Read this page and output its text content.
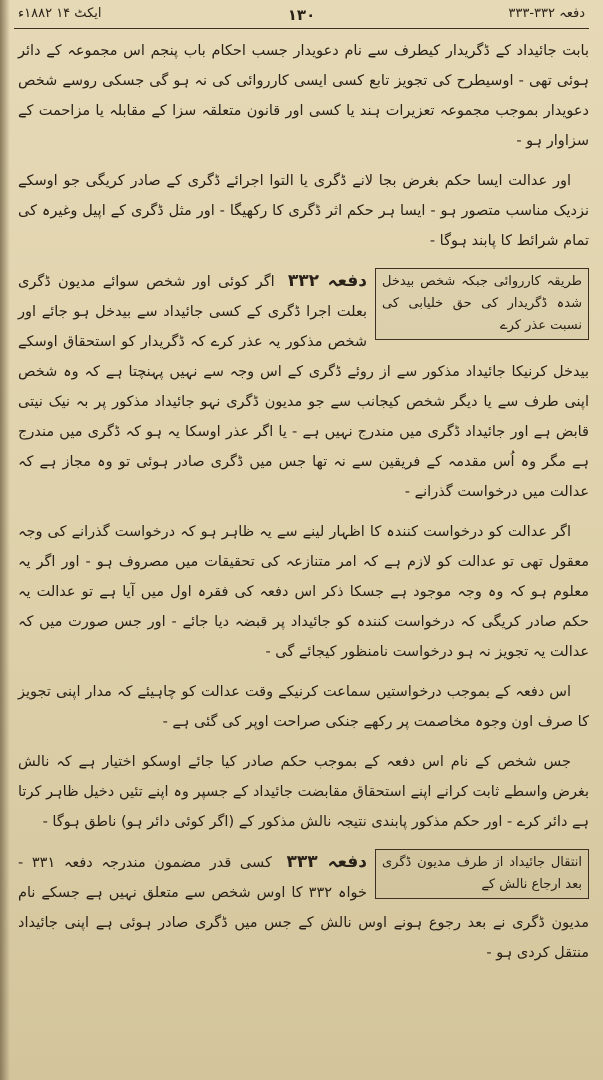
دفعہ ۳۳۲-۳۳۳
۱۳۰
ایکٹ ۱۴ ۱۸۸۲ء

بابت جائیداد کے ڈگریدار کیطرف سے نام دعویدار جسب احکام باب پنجم اس مجموعہ کے دائر ہوئی تھی - اوسیطرح کی تجویز تابع کسی ایسی کارروائی کی نہ ہو گی جسکی روسے شخص دعویدار بموجب مجموعہ تعزیرات ہند یا کسی اور قانون متعلقہ سزا کے مقابلہ یا مزاحمت کے سزاوار ہو -

اور عدالت ایسا حکم بغرض بجا لانے ڈگری یا التوا اجرائے ڈگری کے صادر کریگی جو اوسکے نزدیک مناسب متصور ہو - ایسا ہر حکم اثر ڈگری کا رکھیگا - اور مثل ڈگری کے اپیل وغیرہ کی تمام شرائط کا پابند ہوگا -

طریقہ کارروائی جبکہ شخص بیدخل شدہ ڈگریدار کی حق خلیابی کی نسبت عذر کرے

دفعہ ۳۳۲ اگر کوئی اور شخص سوائے مدیون ڈگری بعلت اجرا ڈگری کے کسی جائیداد سے بیدخل ہو جائے اور شخص مذکور یہ عذر کرے کہ ڈگریدار کو استحقاق اوسکے بیدخل کرنیکا جائیداد مذکور سے از روئے ڈگری کے اس وجہ سے نہیں پہنچتا ہے کہ وہ شخص اپنی طرف سے یا دیگر شخص کیجانب سے جو مدیون ڈگری نہو جائیداد مذکور پر بہ نیک نیتی قابض ہے اور جائیداد ڈگری میں مندرج نہیں ہے - یا اگر عذر اوسکا یہ ہو کہ ڈگری میں مندرج ہے مگر وہ اُس مقدمہ کے فریقین سے نہ تھا جس میں ڈگری صادر ہوئی تو وہ مجاز ہے کہ عدالت میں درخواست گذرانے -

اگر عدالت کو درخواست کنندہ کا اظہار لینے سے یہ ظاہر ہو کہ درخواست گذرانے کی وجہ معقول تھی تو عدالت کو لازم ہے کہ امر متنازعہ کی تحقیقات میں مصروف ہو - اور اگر یہ معلوم ہو کہ وہ وجہ موجود ہے جسکا ذکر اس دفعہ کی فقرہ اول میں آیا ہے تو عدالت یہ حکم صادر کریگی کہ درخواست کنندہ کو جائیداد پر قبضہ دیا جائے - اور جس صورت میں کہ عدالت یہ تجویز نہ ہو درخواست نامنظور کیجائے گی -

اس دفعہ کے بموجب درخواستیں سماعت کرنیکے وقت عدالت کو چاہیئے کہ مدار اپنی تجویز کا صرف اون وجوہ مخاصمت پر رکھے جنکی صراحت اوپر کی گئی ہے -

جس شخص کے نام اس دفعہ کے بموجب حکم صادر کیا جائے اوسکو اختیار ہے کہ نالش بغرض واسطے ثابت کرانے اپنے استحقاق مقابضت جائیداد کے جسپر وہ اپنے تئیں دخیل ظاہر کرتا ہے دائر کرے - اور حکم مذکور پابندی نتیجہ نالش مذکور کے (اگر کوئی دائر ہو) ناطق ہوگا -

انتقال جائیداد از طرف مدیون ڈگری بعد ارجاع نالش کے

دفعہ ۳۳۳ کسی قدر مضمون مندرجہ دفعہ ۳۳۱ - خواہ ۳۳۲ کا اوس شخص سے متعلق نہیں ہے جسکے نام مدیون ڈگری نے بعد رجوع ہونے اوس نالش کے جس میں ڈگری صادر ہوئی ہے اپنی جائیداد منتقل کردی ہو -
